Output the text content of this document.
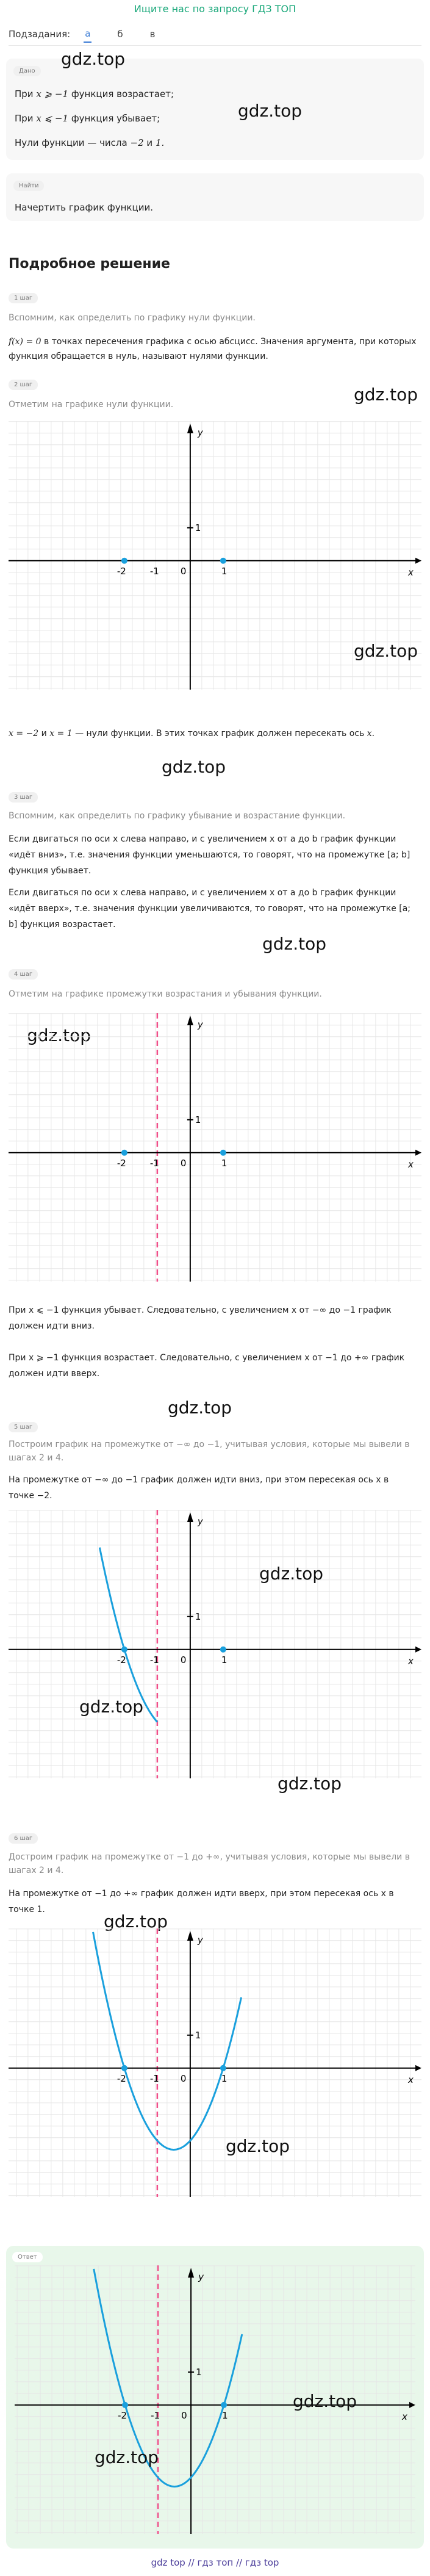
Ищите нас по запросу ГДЗ ТОП
Подзадания: а	б	в
Дано
При x ⩾ −1 функция возрастает;
При x ⩽ −1 функция убывает;
Нули функции — числа −2 и 1.
gdz.top
gdz.top
Найти
Начертить график функции.
Подробное решение
1 шаг
Вспомним, как определить по графику нули функции.
f(x) = 0 в точках пересечения графика с осью абсцисс. Значения аргумента, при которых функция обращается в нуль, называют нулями функции.
2 шаг
Отметим на графике нули функции.	gdz.top
x
y
0
1
-2	-1	1
gdz.top
x = −2 и x = 1 — нули функции. В этих точках график должен пересекать ось x.
gdz.top
3 шаг
Вспомним, как определить по графику убывание и возрастание функции.
Если двигаться по оси x слева направо, и с увеличением x от a до b график функции «идёт вниз», т.е. значения функции уменьшаются, то говорят, что на промежутке [a; b] функция убывает.
Если двигаться по оси x слева направо, и с увеличением x от a до b график функции «идёт вверх», т.е. значения функции увеличиваются, то говорят, что на промежутке [a; b] функция возрастает.
gdz.top
4 шаг
Отметим на графике промежутки возрастания и убывания функции.
gdz.top
x
y
0
1
-2	-1	1
При x ⩽ −1 функция убывает. Следовательно, с увеличением x от −∞ до −1 график должен идти вниз.
При x ⩾ −1 функция возрастает. Следовательно, с увеличением x от −1 до +∞ график должен идти вверх.
gdz.top
5 шаг
Построим график на промежутке от −∞ до −1, учитывая условия, которые мы вывели в шагах 2 и 4.
На промежутке от −∞ до −1 график должен идти вниз, при этом пересекая ось x в точке −2.
x
y
0
1
-2	-1	1
gdz.top
gdz.top
gdz.top
6 шаг
Достроим график на промежутке от −1 до +∞, учитывая условия, которые мы вывели в шагах 2 и 4.
На промежутке от −1 до +∞ график должен идти вверх, при этом пересекая ось x в точке 1.
gdz.top
x
y
0
1
-2	-1	1
gdz.top
Ответ
x
y
0
1
-2	-1	1
gdz.top
gdz.top
gdz top // гдз топ // гдз top
